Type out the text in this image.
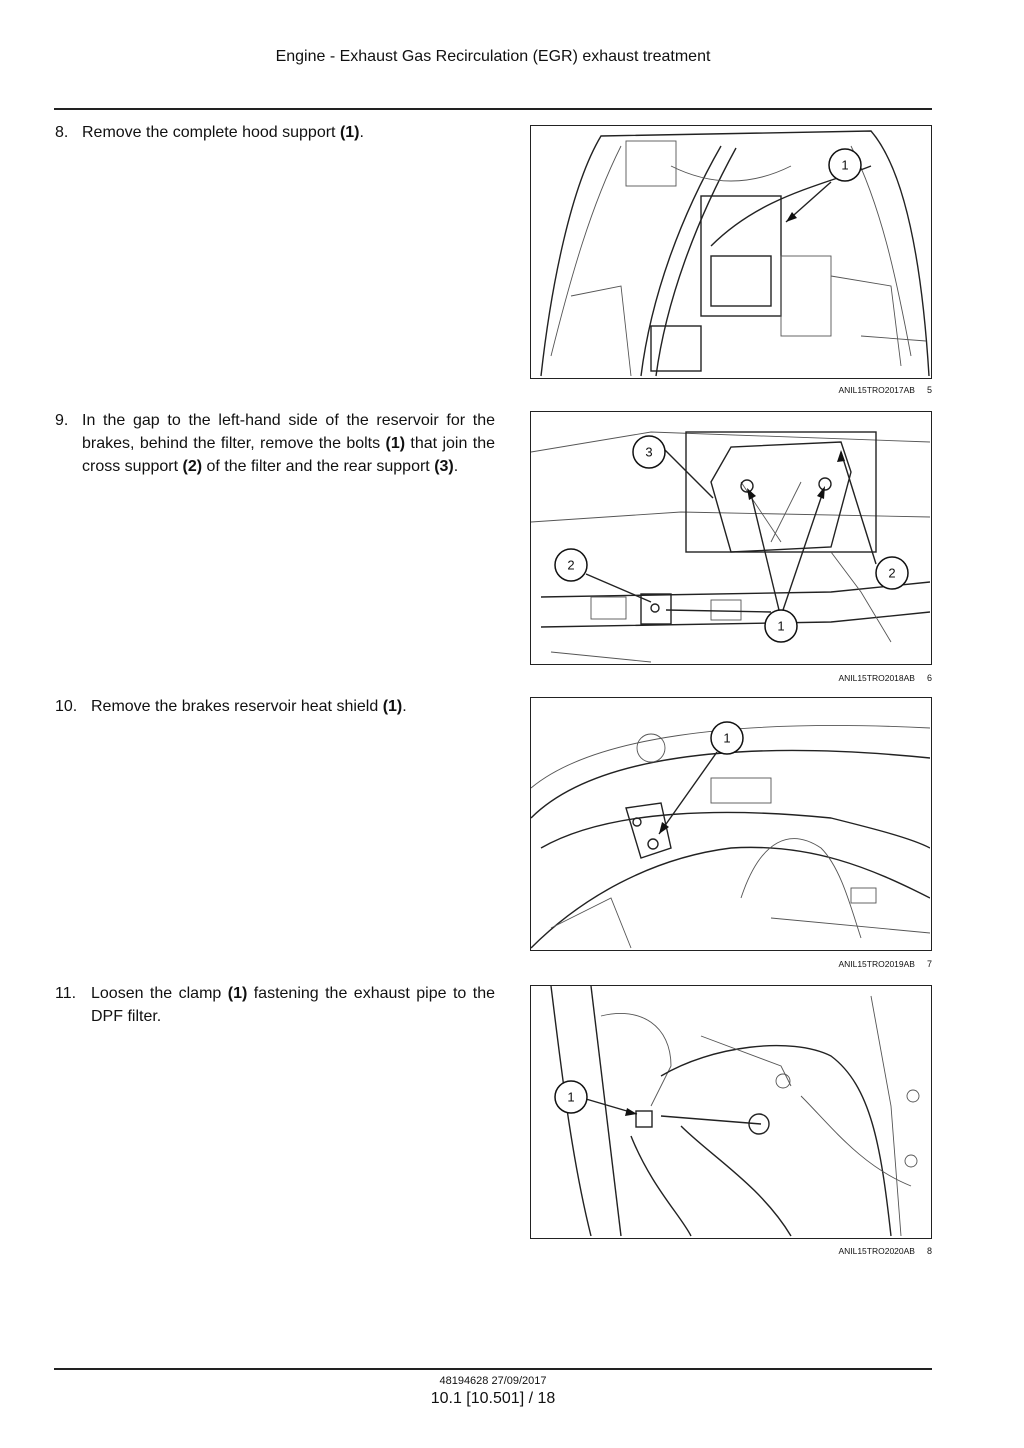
Engine - Exhaust Gas Recirculation (EGR) exhaust treatment
8. Remove the complete hood support (1).
1
ANIL15TRO2017AB 5
9. In the gap to the left-hand side of the reservoir for the brakes, behind the filter, remove the bolts (1) that join the cross support (2) of the filter and the rear support (3).
3
2
2
1
ANIL15TRO2018AB 6
10. Remove the brakes reservoir heat shield (1).
1
ANIL15TRO2019AB 7
11. Loosen the clamp (1) fastening the exhaust pipe to the DPF filter.
1
ANIL15TRO2020AB 8
48194628 27/09/2017
10.1 [10.501] / 18
